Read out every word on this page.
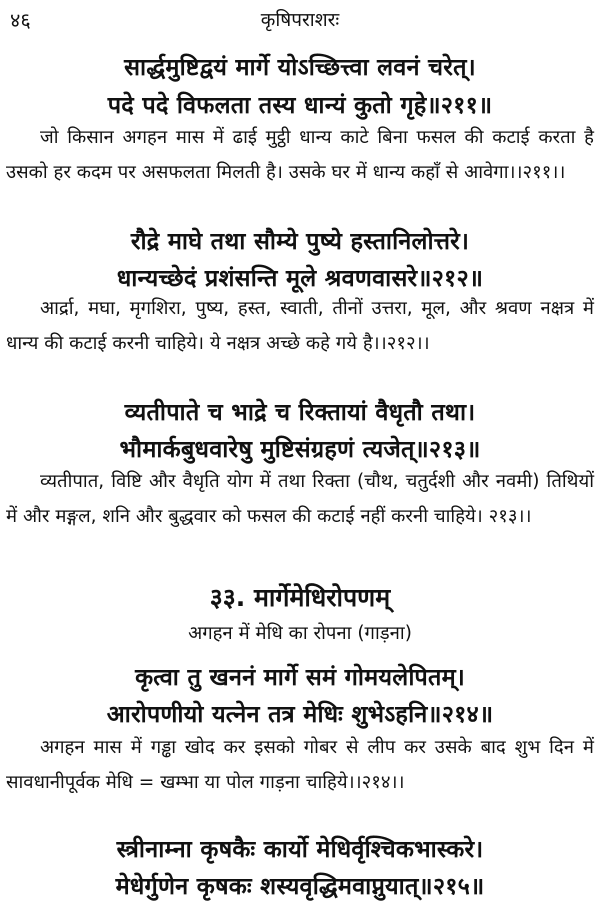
४६	कृषिपराशरः
सार्द्धमुष्टिद्वयं मार्गे योऽच्छित्त्वा लवनं चरेत्।
पदे पदे विफलता तस्य धान्यं कुतो गृहे॥२११॥
जो किसान अगहन मास में ढाई मुट्ठी धान्य काटे बिना फसल की कटाई करता है उसको हर कदम पर असफलता मिलती है। उसके घर में धान्य कहाँ से आवेगा।।२११।।
रौद्रे माघे तथा सौम्ये पुष्ये हस्तानिलोत्तरे।
धान्यच्छेदं प्रशंसन्ति मूले श्रवणवासरे॥२१२॥
आर्द्रा, मघा, मृगशिरा, पुष्य, हस्त, स्वाती, तीनों उत्तरा, मूल, और श्रवण नक्षत्र में धान्य की कटाई करनी चाहिये। ये नक्षत्र अच्छे कहे गये है।।२१२।।
व्यतीपाते च भाद्रे च रिक्तायां वैधृतौ तथा।
भौमार्कबुधवारेषु मुष्टिसंग्रहणं त्यजेत्॥२१३॥
व्यतीपात, विष्टि और वैधृति योग में तथा रिक्ता (चौथ, चतुर्दशी और नवमी) तिथियों में और मङ्गल, शनि और बुद्धवार को फसल की कटाई नहीं करनी चाहिये। २१३।।
३३. मार्गेमेधिरोपणम्
अगहन में मेधि का रोपना (गाड़ना)
कृत्वा तु खननं मार्गे समं गोमयलेपितम्।
आरोपणीयो यत्नेन तत्र मेधिः शुभेऽहनि॥२१४॥
अगहन मास में गड्ढा खोद कर इसको गोबर से लीप कर उसके बाद शुभ दिन में सावधानीपूर्वक मेधि = खम्भा या पोल गाड़ना चाहिये।।२१४।।
स्त्रीनाम्ना कृषकैः कार्यो मेधिर्वृश्चिकभास्करे।
मेधेर्गुणेन कृषकः शस्यवृद्धिमवाप्नुयात्॥२१५॥
